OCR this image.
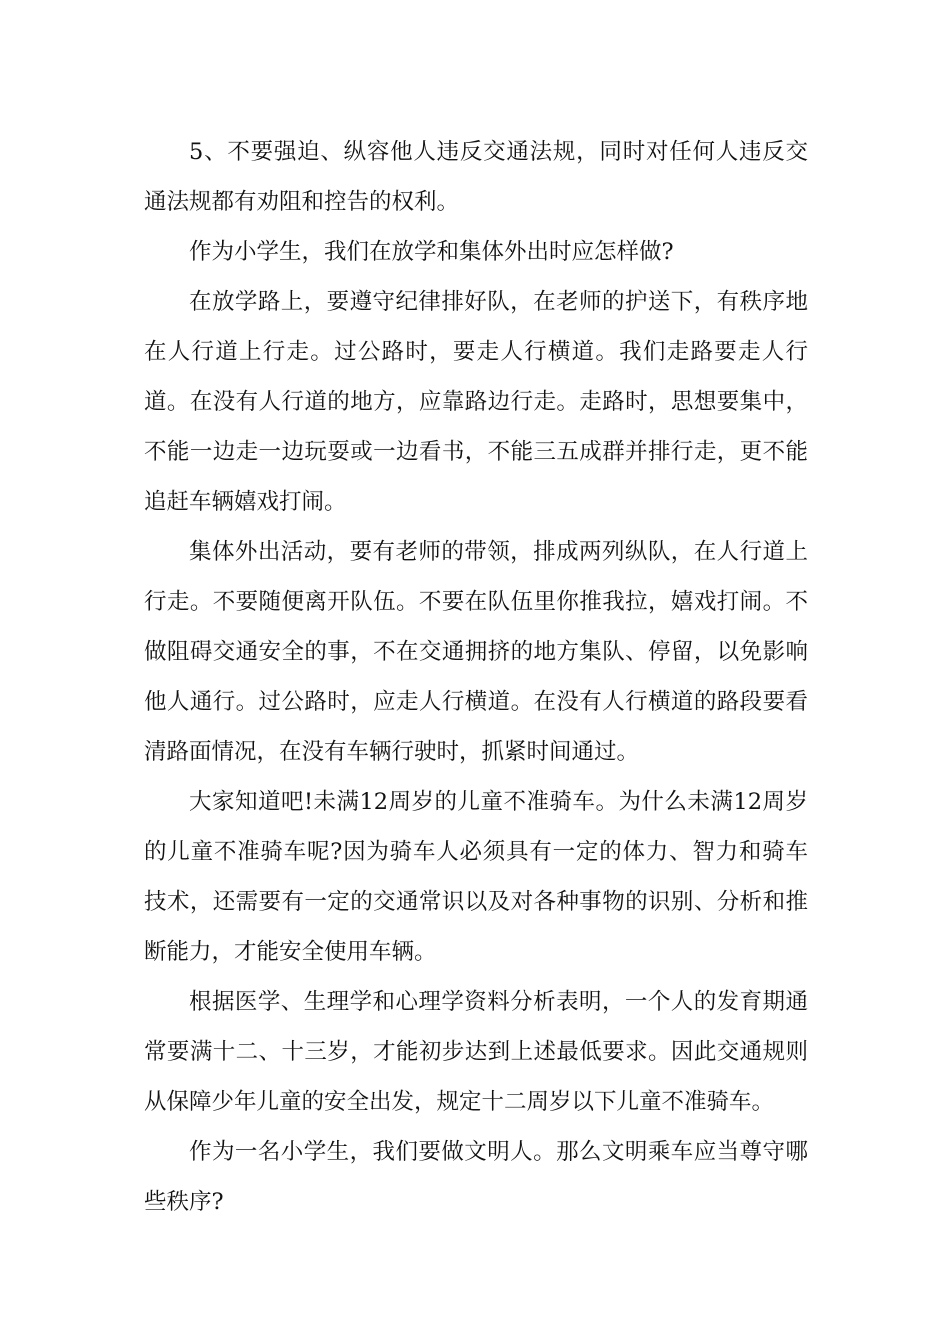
5、不要强迫、纵容他人违反交通法规，同时对任何人违反交通法规都有劝阻和控告的权利。

作为小学生，我们在放学和集体外出时应怎样做?

在放学路上，要遵守纪律排好队，在老师的护送下，有秩序地在人行道上行走。过公路时，要走人行横道。我们走路要走人行道。在没有人行道的地方，应靠路边行走。走路时，思想要集中，不能一边走一边玩耍或一边看书，不能三五成群并排行走，更不能追赶车辆嬉戏打闹。

集体外出活动，要有老师的带领，排成两列纵队，在人行道上行走。不要随便离开队伍。不要在队伍里你推我拉，嬉戏打闹。不做阻碍交通安全的事，不在交通拥挤的地方集队、停留，以免影响他人通行。过公路时，应走人行横道。在没有人行横道的路段要看清路面情况，在没有车辆行驶时，抓紧时间通过。

大家知道吧!未满12周岁的儿童不准骑车。为什么未满12周岁的儿童不准骑车呢?因为骑车人必须具有一定的体力、智力和骑车技术，还需要有一定的交通常识以及对各种事物的识别、分析和推断能力，才能安全使用车辆。

根据医学、生理学和心理学资料分析表明，一个人的发育期通常要满十二、十三岁，才能初步达到上述最低要求。因此交通规则从保障少年儿童的安全出发，规定十二周岁以下儿童不准骑车。

作为一名小学生，我们要做文明人。那么文明乘车应当尊守哪些秩序?
